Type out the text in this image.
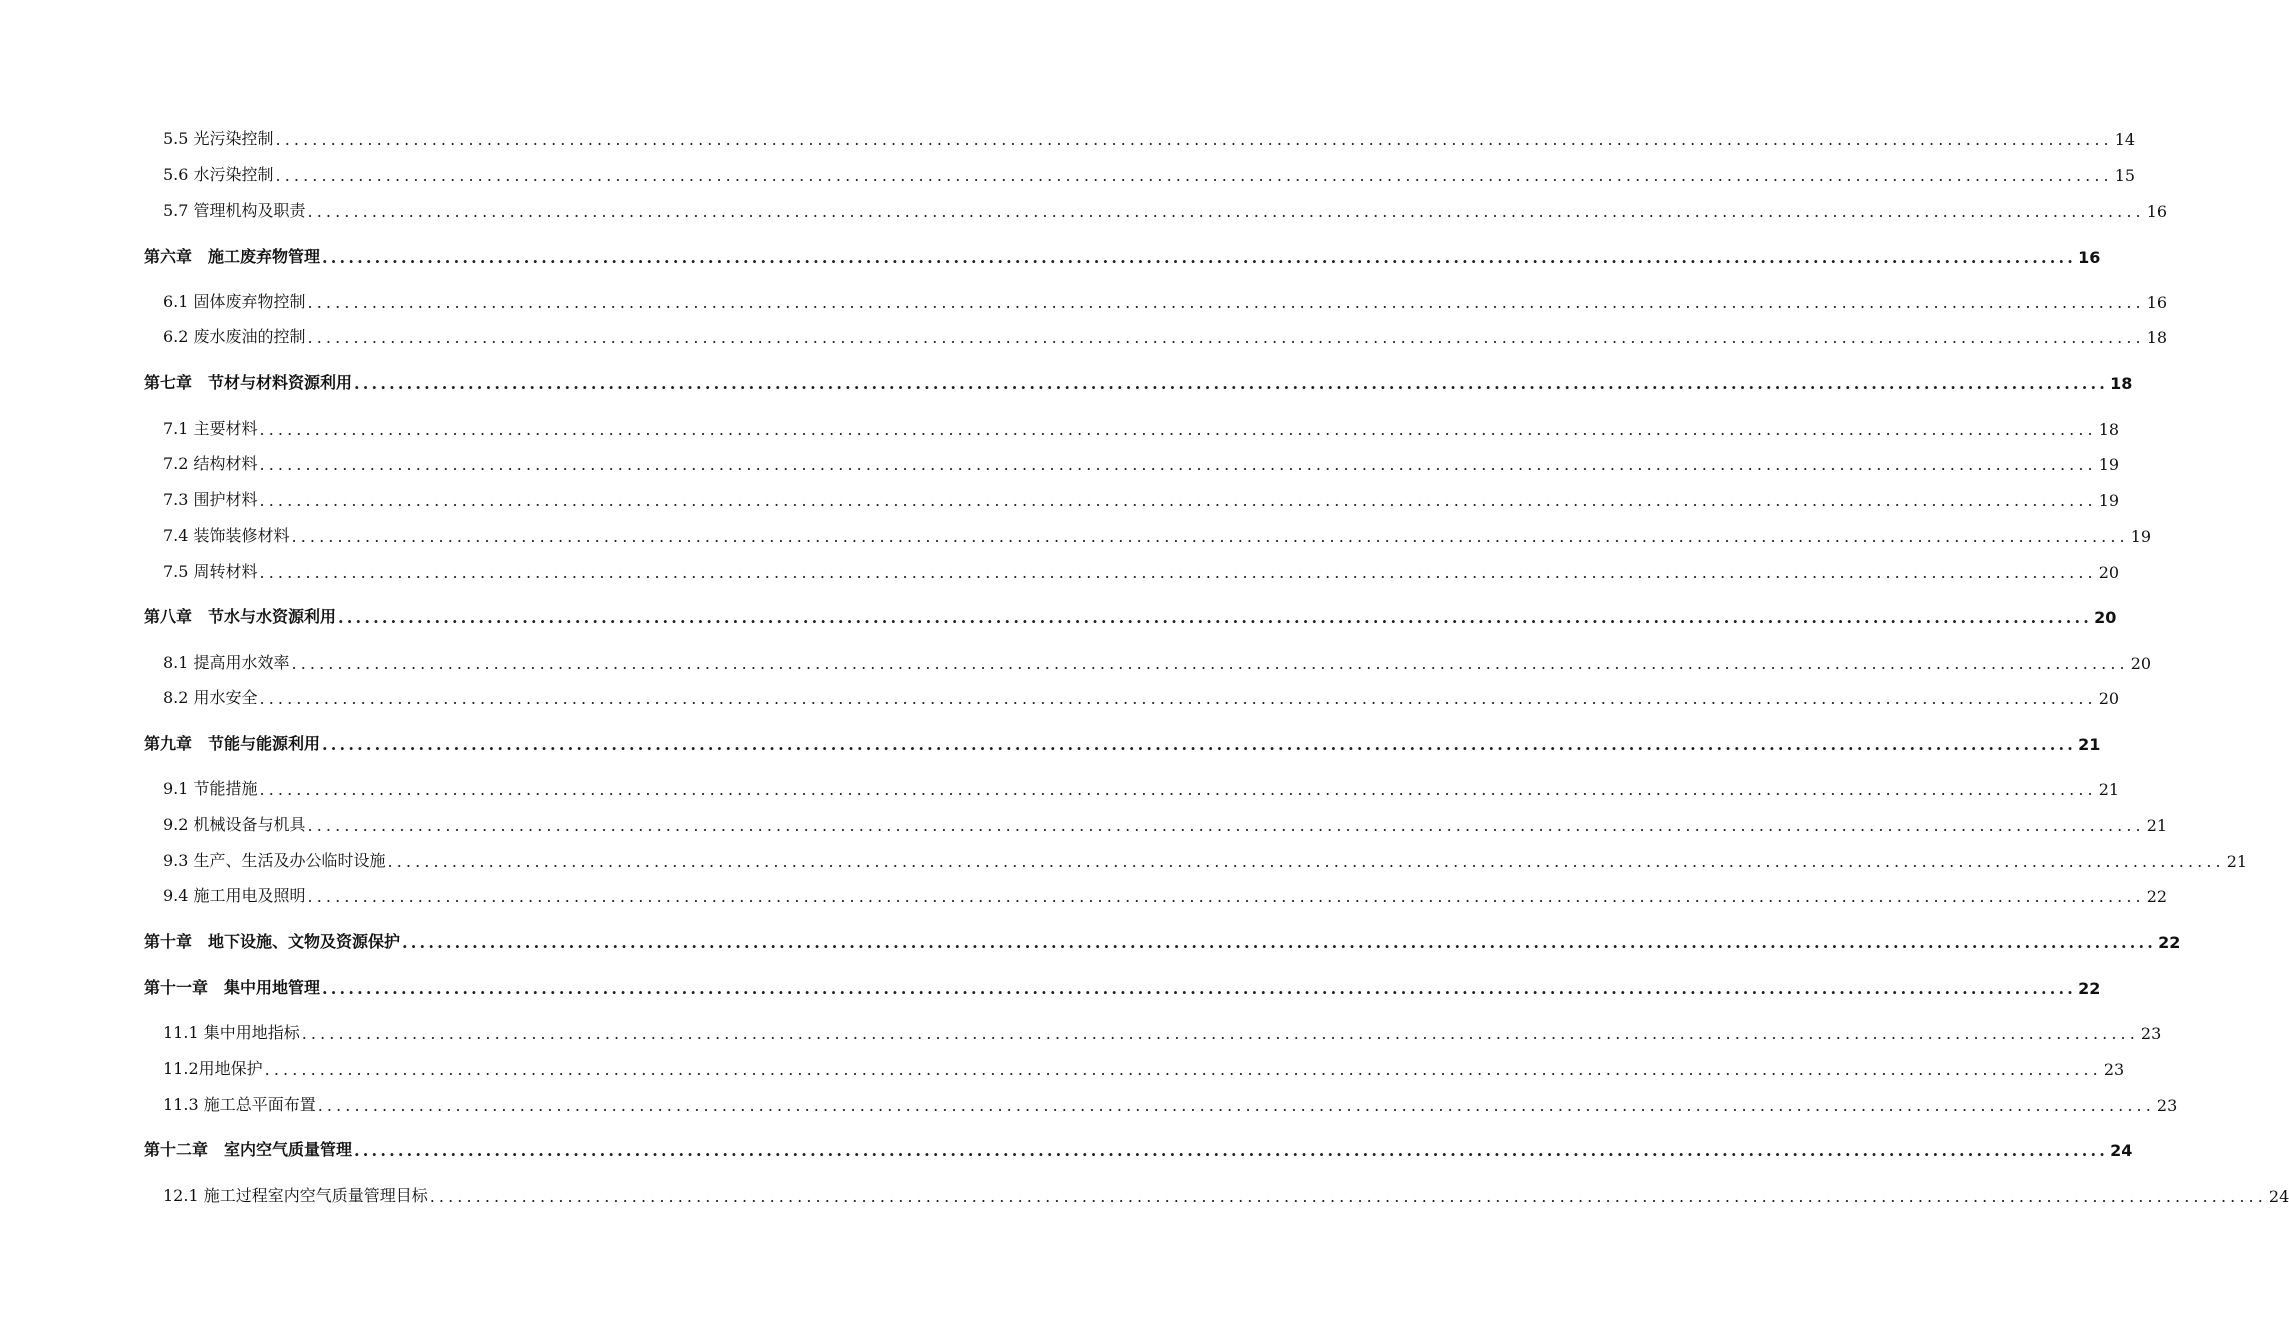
5.5 光污染控制 ........................................................................................................................................................................................................ 14
5.6 水污染控制 ........................................................................................................................................................................................................ 15
5.7 管理机构及职责 ........................................................................................................................................................................................................ 16
第六章　施工废弃物管理 ........................................................................................................................................................................................................ 16
6.1 固体废弃物控制 ........................................................................................................................................................................................................ 16
6.2 废水废油的控制 ........................................................................................................................................................................................................ 18
第七章　节材与材料资源利用 ........................................................................................................................................................................................................ 18
7.1 主要材料 ........................................................................................................................................................................................................ 18
7.2 结构材料 ........................................................................................................................................................................................................ 19
7.3 围护材料 ........................................................................................................................................................................................................ 19
7.4 装饰装修材料 ........................................................................................................................................................................................................ 19
7.5 周转材料 ........................................................................................................................................................................................................ 20
第八章　节水与水资源利用 ........................................................................................................................................................................................................ 20
8.1 提高用水效率 ........................................................................................................................................................................................................ 20
8.2 用水安全 ........................................................................................................................................................................................................ 20
第九章　节能与能源利用 ........................................................................................................................................................................................................ 21
9.1 节能措施 ........................................................................................................................................................................................................ 21
9.2 机械设备与机具 ........................................................................................................................................................................................................ 21
9.3 生产、生活及办公临时设施 ........................................................................................................................................................................................................ 21
9.4 施工用电及照明 ........................................................................................................................................................................................................ 22
第十章　地下设施、文物及资源保护 ........................................................................................................................................................................................................ 22
第十一章　集中用地管理 ........................................................................................................................................................................................................ 22
11.1 集中用地指标 ........................................................................................................................................................................................................ 23
11.2用地保护 ........................................................................................................................................................................................................ 23
11.3 施工总平面布置 ........................................................................................................................................................................................................ 23
第十二章　室内空气质量管理 ........................................................................................................................................................................................................ 24
12.1 施工过程室内空气质量管理目标 ........................................................................................................................................................................................................ 24
